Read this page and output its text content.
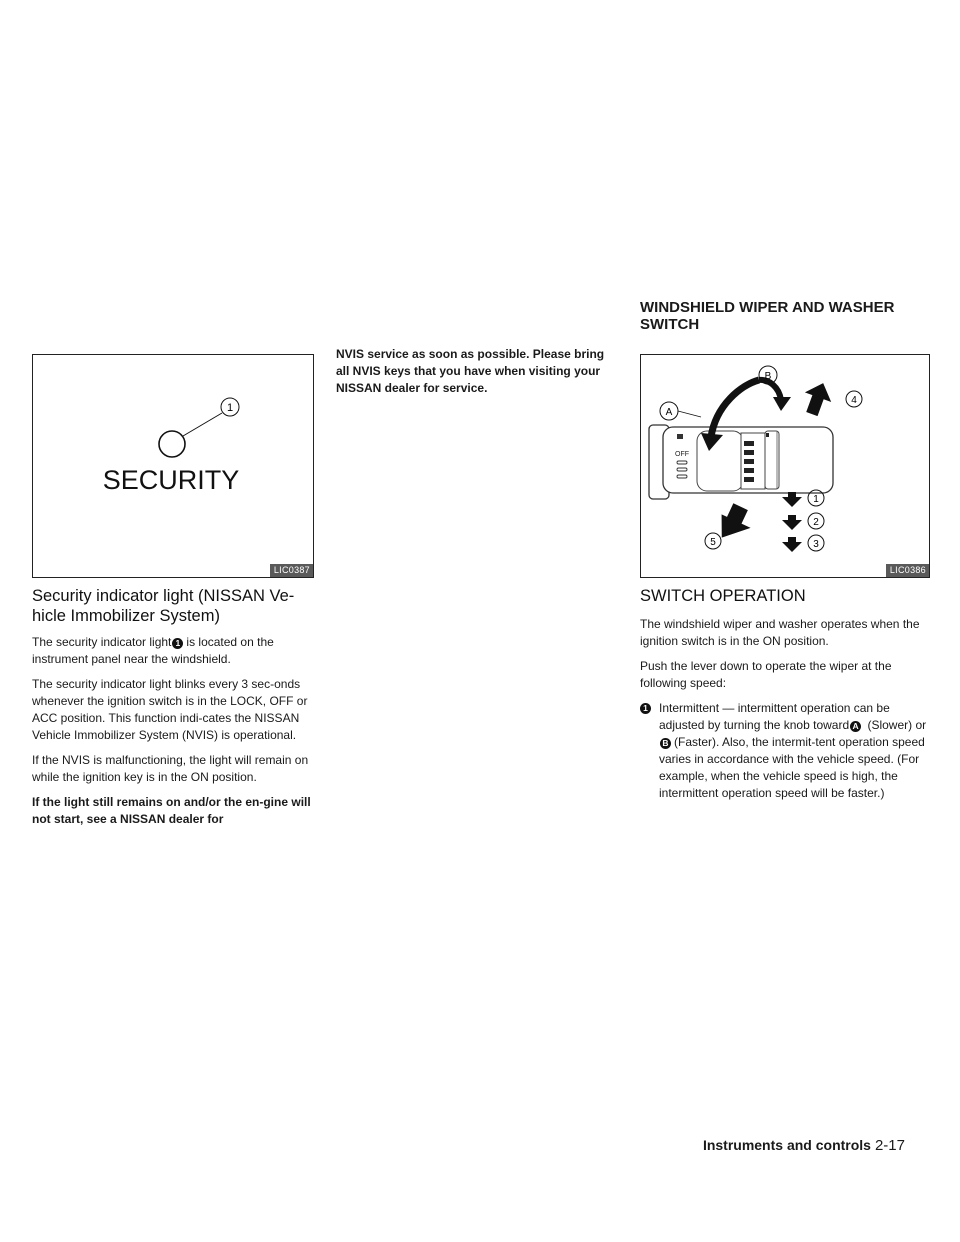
WINDSHIELD WIPER AND WASHER SWITCH
1
SECURITY
LIC0387
OFF
A
B
4
1
2
3
5
LIC0386
Security indicator light (NISSAN Ve-
hicle Immobilizer System)

The security indicator light 1 is located on the instrument panel near the windshield.

The security indicator light blinks every 3 sec-onds whenever the ignition switch is in the LOCK, OFF or ACC position. This function indi-cates the NISSAN Vehicle Immobilizer System (NVIS) is operational.

If the NVIS is malfunctioning, the light will remain on while the ignition key is in the ON position.

If the light still remains on and/or the en-gine will not start, see a NISSAN dealer for

NVIS service as soon as possible. Please bring all NVIS keys that you have when visiting your NISSAN dealer for service.

SWITCH OPERATION

The windshield wiper and washer operates when the ignition switch is in the ON position.

Push the lever down to operate the wiper at the following speed:

1 Intermittent — intermittent operation can be adjusted by turning the knob toward A (Slower) orB (Faster). Also, the intermit-tent operation speed varies in accordance with the vehicle speed. (For example, when the vehicle speed is high, the intermittent operation speed will be faster.)
Instruments and controls 2-17
